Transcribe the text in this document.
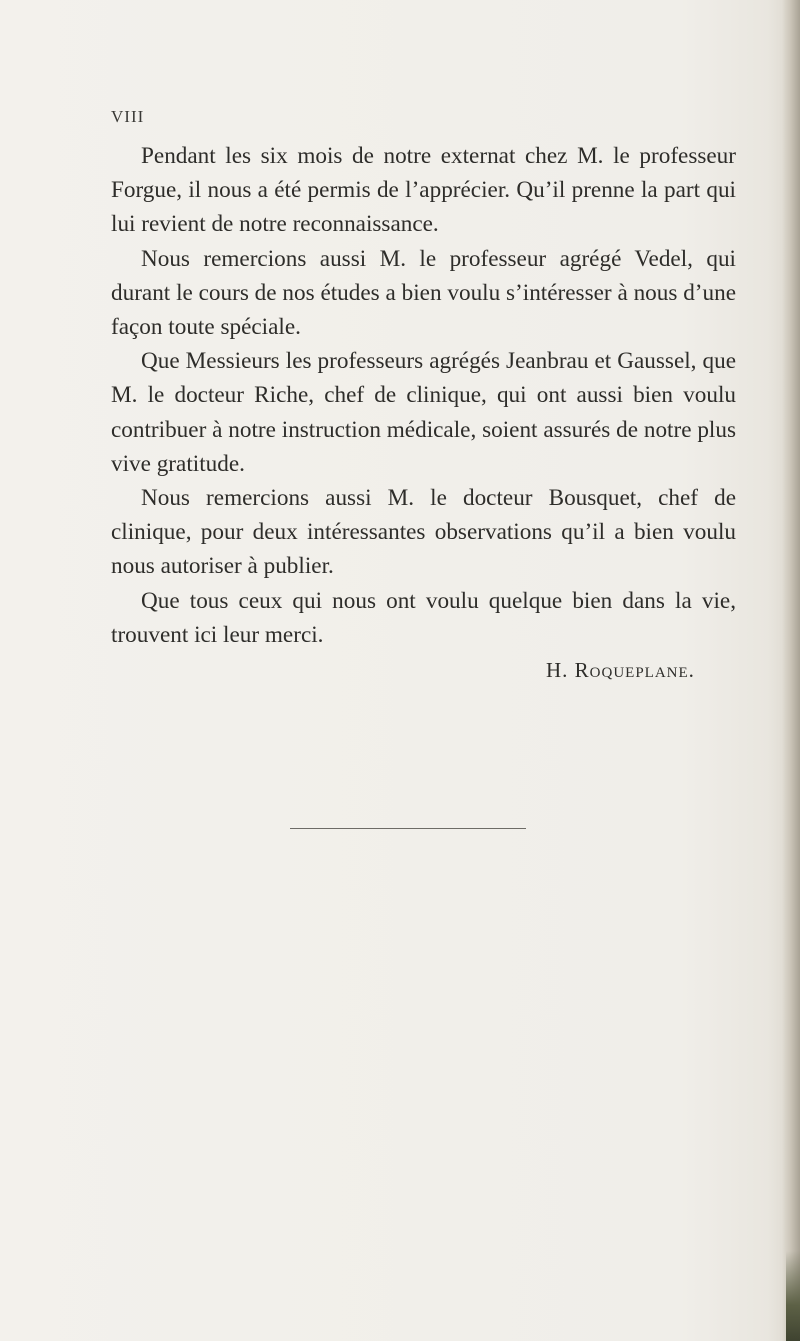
VIII

Pendant les six mois de notre externat chez M. le professeur Forgue, il nous a été permis de l’apprécier. Qu’il prenne la part qui lui revient de notre reconnaissance.

Nous remercions aussi M. le professeur agrégé Vedel, qui durant le cours de nos études a bien voulu s’intéresser à nous d’une façon toute spéciale.

Que Messieurs les professeurs agrégés Jeanbrau et Gaussel, que M. le docteur Riche, chef de clinique, qui ont aussi bien voulu contribuer à notre instruction médicale, soient assurés de notre plus vive gratitude.

Nous remercions aussi M. le docteur Bousquet, chef de clinique, pour deux intéressantes observations qu’il a bien voulu nous autoriser à publier.

Que tous ceux qui nous ont voulu quelque bien dans la vie, trouvent ici leur merci.

H. Roqueplane.
